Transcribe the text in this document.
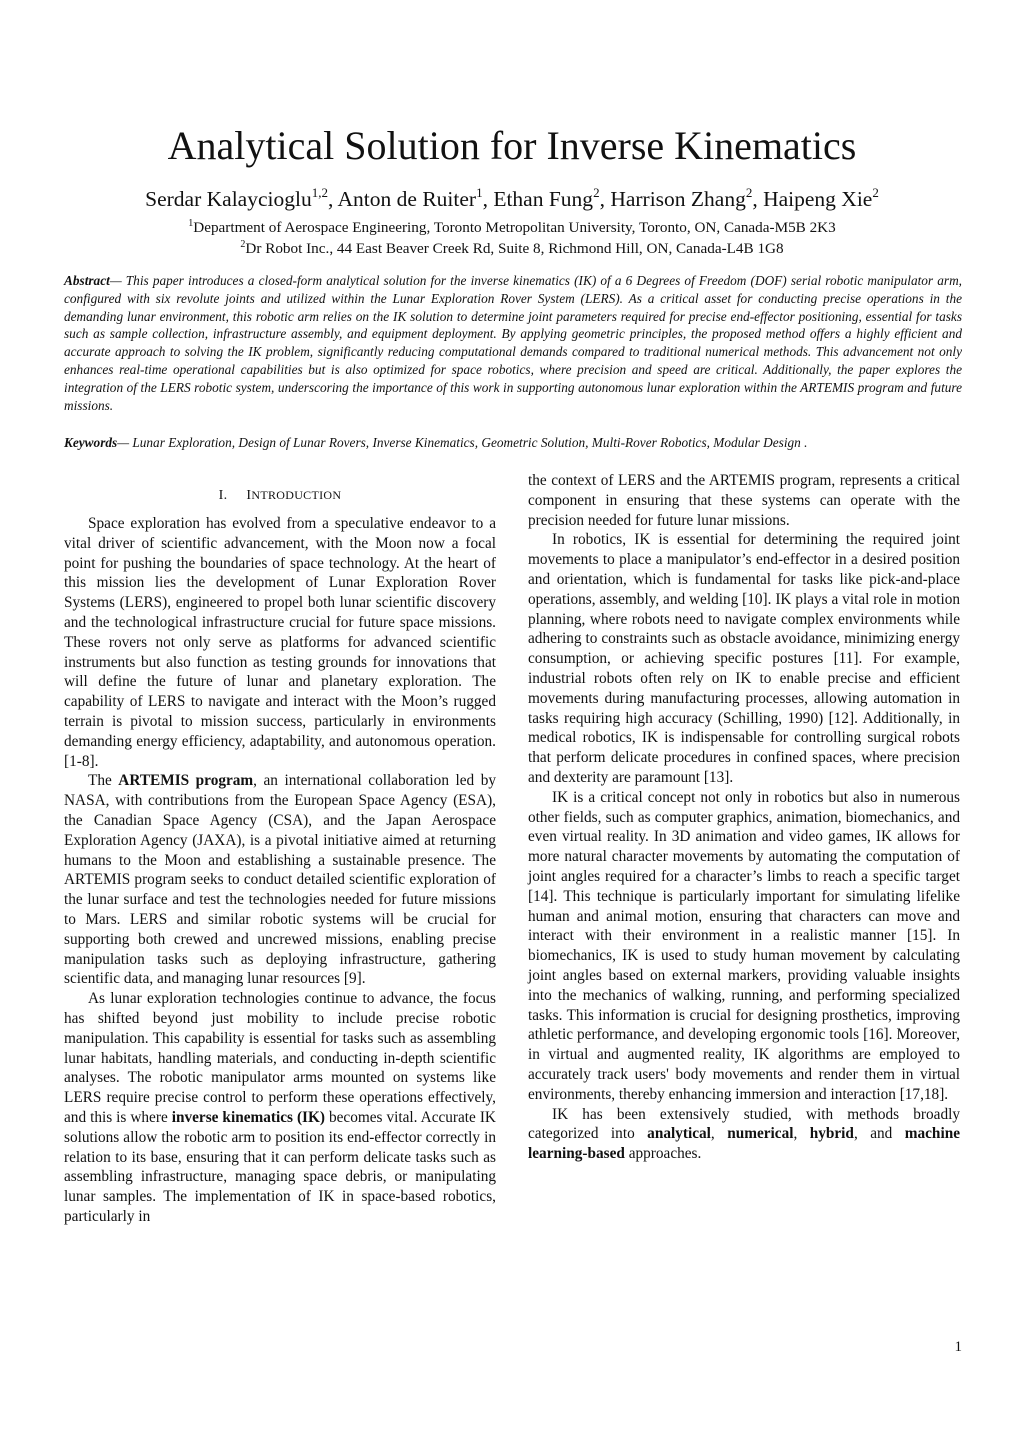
Analytical Solution for Inverse Kinematics
Serdar Kalaycioglu$^{1,2}$, Anton de Ruiter$^1$, Ethan Fung$^2$, Harrison Zhang$^2$, Haipeng Xie$^2$
$^1$Department of Aerospace Engineering, Toronto Metropolitan University, Toronto, ON, Canada-M5B 2K3
$^2$Dr Robot Inc., 44 East Beaver Creek Rd, Suite 8, Richmond Hill, ON, Canada-L4B 1G8
Abstract— This paper introduces a closed-form analytical solution for the inverse kinematics (IK) of a 6 Degrees of Freedom (DOF) serial robotic manipulator arm, configured with six revolute joints and utilized within the Lunar Exploration Rover System (LERS). As a critical asset for conducting precise operations in the demanding lunar environment, this robotic arm relies on the IK solution to determine joint parameters required for precise end-effector positioning, essential for tasks such as sample collection, infrastructure assembly, and equipment deployment. By applying geometric principles, the proposed method offers a highly efficient and accurate approach to solving the IK problem, significantly reducing computational demands compared to traditional numerical methods. This advancement not only enhances real-time operational capabilities but is also optimized for space robotics, where precision and speed are critical. Additionally, the paper explores the integration of the LERS robotic system, underscoring the importance of this work in supporting autonomous lunar exploration within the ARTEMIS program and future missions.
Keywords— Lunar Exploration, Design of Lunar Rovers, Inverse Kinematics, Geometric Solution, Multi-Rover Robotics, Modular Design .
I. INTRODUCTION

Space exploration has evolved from a speculative endeavor to a vital driver of scientific advancement, with the Moon now a focal point for pushing the boundaries of space technology. At the heart of this mission lies the development of Lunar Exploration Rover Systems (LERS), engineered to propel both lunar scientific discovery and the technological infrastructure crucial for future space missions. These rovers not only serve as platforms for advanced scientific instruments but also function as testing grounds for innovations that will define the future of lunar and planetary exploration. The capability of LERS to navigate and interact with the Moon’s rugged terrain is pivotal to mission success, particularly in environments demanding energy efficiency, adaptability, and autonomous operation. [1-8].

The ARTEMIS program, an international collaboration led by NASA, with contributions from the European Space Agency (ESA), the Canadian Space Agency (CSA), and the Japan Aerospace Exploration Agency (JAXA), is a pivotal initiative aimed at returning humans to the Moon and establishing a sustainable presence. The ARTEMIS program seeks to conduct detailed scientific exploration of the lunar surface and test the technologies needed for future missions to Mars. LERS and similar robotic systems will be crucial for supporting both crewed and uncrewed missions, enabling precise manipulation tasks such as deploying infrastructure, gathering scientific data, and managing lunar resources [9].

As lunar exploration technologies continue to advance, the focus has shifted beyond just mobility to include precise robotic manipulation. This capability is essential for tasks such as assembling lunar habitats, handling materials, and conducting in-depth scientific analyses. The robotic manipulator arms mounted on systems like LERS require precise control to perform these operations effectively, and this is where inverse kinematics (IK) becomes vital. Accurate IK solutions allow the robotic arm to position its end-effector correctly in relation to its base, ensuring that it can perform delicate tasks such as assembling infrastructure, managing space debris, or manipulating lunar samples. The implementation of IK in space-based robotics, particularly in

the context of LERS and the ARTEMIS program, represents a critical component in ensuring that these systems can operate with the precision needed for future lunar missions.

In robotics, IK is essential for determining the required joint movements to place a manipulator’s end-effector in a desired position and orientation, which is fundamental for tasks like pick-and-place operations, assembly, and welding [10]. IK plays a vital role in motion planning, where robots need to navigate complex environments while adhering to constraints such as obstacle avoidance, minimizing energy consumption, or achieving specific postures [11]. For example, industrial robots often rely on IK to enable precise and efficient movements during manufacturing processes, allowing automation in tasks requiring high accuracy (Schilling, 1990) [12]. Additionally, in medical robotics, IK is indispensable for controlling surgical robots that perform delicate procedures in confined spaces, where precision and dexterity are paramount [13].

IK is a critical concept not only in robotics but also in numerous other fields, such as computer graphics, animation, biomechanics, and even virtual reality. In 3D animation and video games, IK allows for more natural character movements by automating the computation of joint angles required for a character’s limbs to reach a specific target [14]. This technique is particularly important for simulating lifelike human and animal motion, ensuring that characters can move and interact with their environment in a realistic manner [15]. In biomechanics, IK is used to study human movement by calculating joint angles based on external markers, providing valuable insights into the mechanics of walking, running, and performing specialized tasks. This information is crucial for designing prosthetics, improving athletic performance, and developing ergonomic tools [16]. Moreover, in virtual and augmented reality, IK algorithms are employed to accurately track users' body movements and render them in virtual environments, thereby enhancing immersion and interaction [17,18].

IK has been extensively studied, with methods broadly categorized into analytical, numerical, hybrid, and machine learning-based approaches.

1
